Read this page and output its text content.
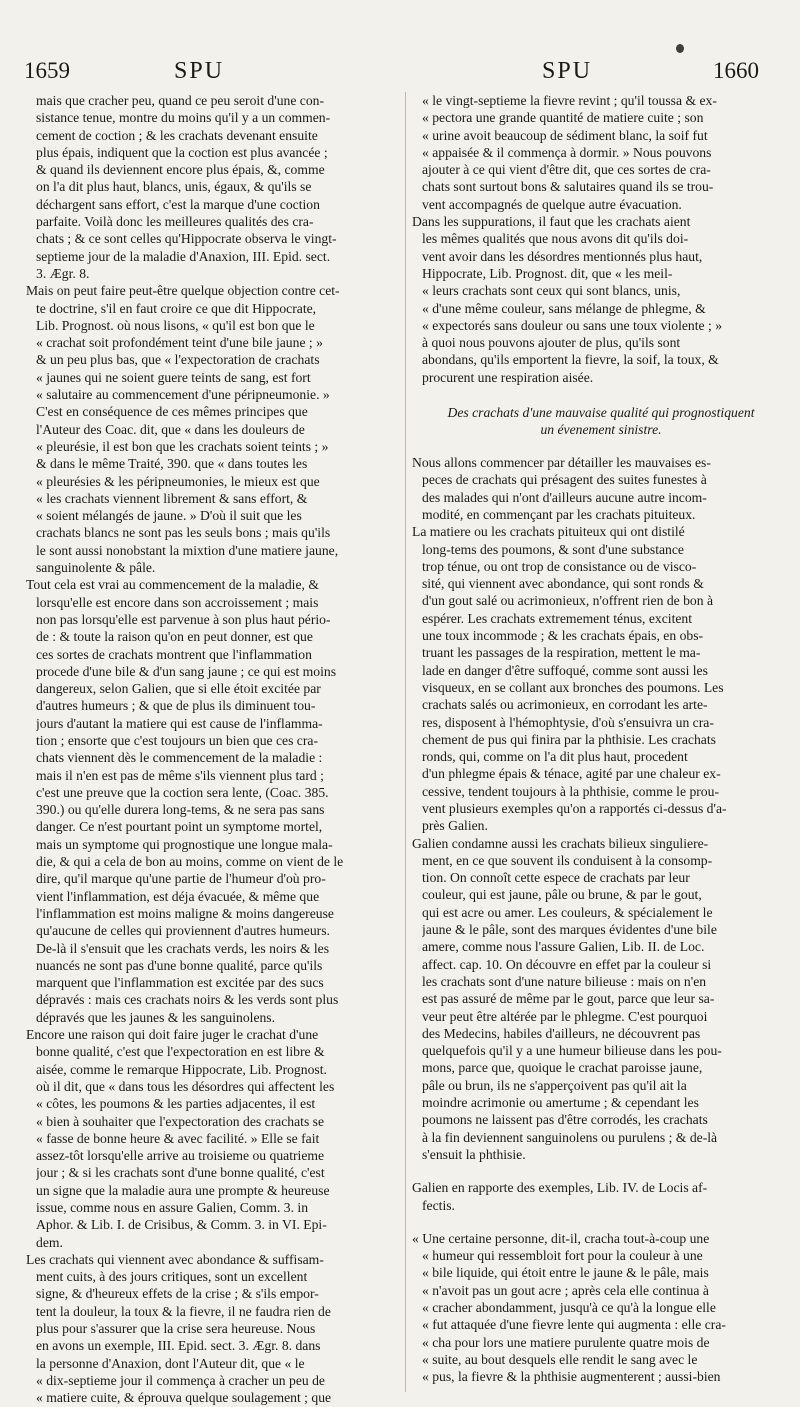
1659	SPU	SPU	1660
mais que cracher peu, quand ce peu seroit d'une con-
sistance tenue, montre du moins qu'il y a un commen-
cement de coction ; & les crachats devenant ensuite
plus épais, indiquent que la coction est plus avancée ;
& quand ils deviennent encore plus épais, &, comme
on l'a dit plus haut, blancs, unis, égaux, & qu'ils se
déchargent sans effort, c'est la marque d'une coction
parfaite. Voilà donc les meilleures qualités des cra-
chats ; & ce sont celles qu'Hippocrate observa le vingt-
septieme jour de la maladie d'Anaxion, III. Epid. sect.
3. Ægr. 8.
Mais on peut faire peut-être quelque objection contre cet-
te doctrine, s'il en faut croire ce que dit Hippocrate,
Lib. Prognost. où nous lisons, « qu'il est bon que le
« crachat soit profondément teint d'une bile jaune ; »
& un peu plus bas, que « l'expectoration de crachats
« jaunes qui ne soient guere teints de sang, est fort
« salutaire au commencement d'une péripneumonie. »
C'est en conséquence de ces mêmes principes que
l'Auteur des Coac. dit, que « dans les douleurs de
« pleurésie, il est bon que les crachats soient teints ; »
& dans le même Traité, 390. que « dans toutes les
« pleurésies & les péripneumonies, le mieux est que
« les crachats viennent librement & sans effort, &
« soient mélangés de jaune. » D'où il suit que les
crachats blancs ne sont pas les seuls bons ; mais qu'ils
le sont aussi nonobstant la mixtion d'une matiere jaune,
sanguinolente & pâle.
Tout cela est vrai au commencement de la maladie, &
lorsqu'elle est encore dans son accroissement ; mais
non pas lorsqu'elle est parvenue à son plus haut pério-
de : & toute la raison qu'on en peut donner, est que
ces sortes de crachats montrent que l'inflammation
procede d'une bile & d'un sang jaune ; ce qui est moins
dangereux, selon Galien, que si elle étoit excitée par
d'autres humeurs ; & que de plus ils diminuent tou-
jours d'autant la matiere qui est cause de l'inflamma-
tion ; ensorte que c'est toujours un bien que ces cra-
chats viennent dès le commencement de la maladie :
mais il n'en est pas de même s'ils viennent plus tard ;
c'est une preuve que la coction sera lente, (Coac. 385.
390.) ou qu'elle durera long-tems, & ne sera pas sans
danger. Ce n'est pourtant point un symptome mortel,
mais un symptome qui prognostique une longue mala-
die, & qui a cela de bon au moins, comme on vient de le
dire, qu'il marque qu'une partie de l'humeur d'où pro-
vient l'inflammation, est déja évacuée, & même que
l'inflammation est moins maligne & moins dangereuse
qu'aucune de celles qui proviennent d'autres humeurs.
De-là il s'ensuit que les crachats verds, les noirs & les
nuancés ne sont pas d'une bonne qualité, parce qu'ils
marquent que l'inflammation est excitée par des sucs
dépravés : mais ces crachats noirs & les verds sont plus
dépravés que les jaunes & les sanguinolens.
Encore une raison qui doit faire juger le crachat d'une
bonne qualité, c'est que l'expectoration en est libre &
aisée, comme le remarque Hippocrate, Lib. Prognost.
où il dit, que « dans tous les désordres qui affectent les
« côtes, les poumons & les parties adjacentes, il est
« bien à souhaiter que l'expectoration des crachats se
« fasse de bonne heure & avec facilité. » Elle se fait
assez-tôt lorsqu'elle arrive au troisieme ou quatrieme
jour ; & si les crachats sont d'une bonne qualité, c'est
un signe que la maladie aura une prompte & heureuse
issue, comme nous en assure Galien, Comm. 3. in
Aphor. & Lib. I. de Crisibus, & Comm. 3. in VI. Epi-
dem.
Les crachats qui viennent avec abondance & suffisam-
ment cuits, à des jours critiques, sont un excellent
signe, & d'heureux effets de la crise ; & s'ils empor-
tent la douleur, la toux & la fievre, il ne faudra rien de
plus pour s'assurer que la crise sera heureuse. Nous
en avons un exemple, III. Epid. sect. 3. Ægr. 8. dans
la personne d'Anaxion, dont l'Auteur dit, que « le
« dix-septieme jour il commença à cracher un peu de
« matiere cuite, & éprouva quelque soulagement ; que
« le vingt-septieme la fievre revint ; qu'il toussa & ex-
« pectora une grande quantité de matiere cuite ; son
« urine avoit beaucoup de sédiment blanc, la soif fut
« appaisée & il commença à dormir. » Nous pouvons
ajouter à ce qui vient d'être dit, que ces sortes de cra-
chats sont surtout bons & salutaires quand ils se trou-
vent accompagnés de quelque autre évacuation.
Dans les suppurations, il faut que les crachats aient
les mêmes qualités que nous avons dit qu'ils doi-
vent avoir dans les désordres mentionnés plus haut,
Hippocrate, Lib. Prognost. dit, que « les meil-
« leurs crachats sont ceux qui sont blancs, unis,
« d'une même couleur, sans mélange de phlegme, &
« expectorés sans douleur ou sans une toux violente ; »
à quoi nous pouvons ajouter de plus, qu'ils sont
abondans, qu'ils emportent la fievre, la soif, la toux, &
procurent une respiration aisée.
Des crachats d'une mauvaise qualité qui prognostiquent
un évenement sinistre.
Nous allons commencer par détailler les mauvaises es-
peces de crachats qui présagent des suites funestes à
des malades qui n'ont d'ailleurs aucune autre incom-
modité, en commençant par les crachats pituiteux.
La matiere ou les crachats pituiteux qui ont distilé
long-tems des poumons, & sont d'une substance
trop ténue, ou ont trop de consistance ou de visco-
sité, qui viennent avec abondance, qui sont ronds &
d'un gout salé ou acrimonieux, n'offrent rien de bon à
espérer. Les crachats extremement ténus, excitent
une toux incommode ; & les crachats épais, en obs-
truant les passages de la respiration, mettent le ma-
lade en danger d'être suffoqué, comme sont aussi les
visqueux, en se collant aux bronches des poumons. Les
crachats salés ou acrimonieux, en corrodant les arte-
res, disposent à l'hémophtysie, d'où s'ensuivra un cra-
chement de pus qui finira par la phthisie. Les crachats
ronds, qui, comme on l'a dit plus haut, procedent
d'un phlegme épais & ténace, agité par une chaleur ex-
cessive, tendent toujours à la phthisie, comme le prou-
vent plusieurs exemples qu'on a rapportés ci-dessus d'a-
près Galien.
Galien condamne aussi les crachats bilieux singuliere-
ment, en ce que souvent ils conduisent à la consomp-
tion. On connoît cette espece de crachats par leur
couleur, qui est jaune, pâle ou brune, & par le gout,
qui est acre ou amer. Les couleurs, & spécialement le
jaune & le pâle, sont des marques évidentes d'une bile
amere, comme nous l'assure Galien, Lib. II. de Loc.
affect. cap. 10. On découvre en effet par la couleur si
les crachats sont d'une nature bilieuse : mais on n'en
est pas assuré de même par le gout, parce que leur sa-
veur peut être altérée par le phlegme. C'est pourquoi
des Medecins, habiles d'ailleurs, ne découvrent pas
quelquefois qu'il y a une humeur bilieuse dans les pou-
mons, parce que, quoique le crachat paroisse jaune,
pâle ou brun, ils ne s'apperçoivent pas qu'il ait la
moindre acrimonie ou amertume ; & cependant les
poumons ne laissent pas d'être corrodés, les crachats
à la fin deviennent sanguinolens ou purulens ; & de-là
s'ensuit la phthisie.
Galien en rapporte des exemples, Lib. IV. de Locis af-
fectis.
« Une certaine personne, dit-il, cracha tout-à-coup une
« humeur qui ressembloit fort pour la couleur à une
« bile liquide, qui étoit entre le jaune & le pâle, mais
« n'avoit pas un gout acre ; après cela elle continua à
« cracher abondamment, jusqu'à ce qu'à la longue elle
« fut attaquée d'une fievre lente qui augmenta : elle cra-
« cha pour lors une matiere purulente quatre mois de
« suite, au bout desquels elle rendit le sang avec le
« pus, la fievre & la phthisie augmenterent ; aussi-bien
